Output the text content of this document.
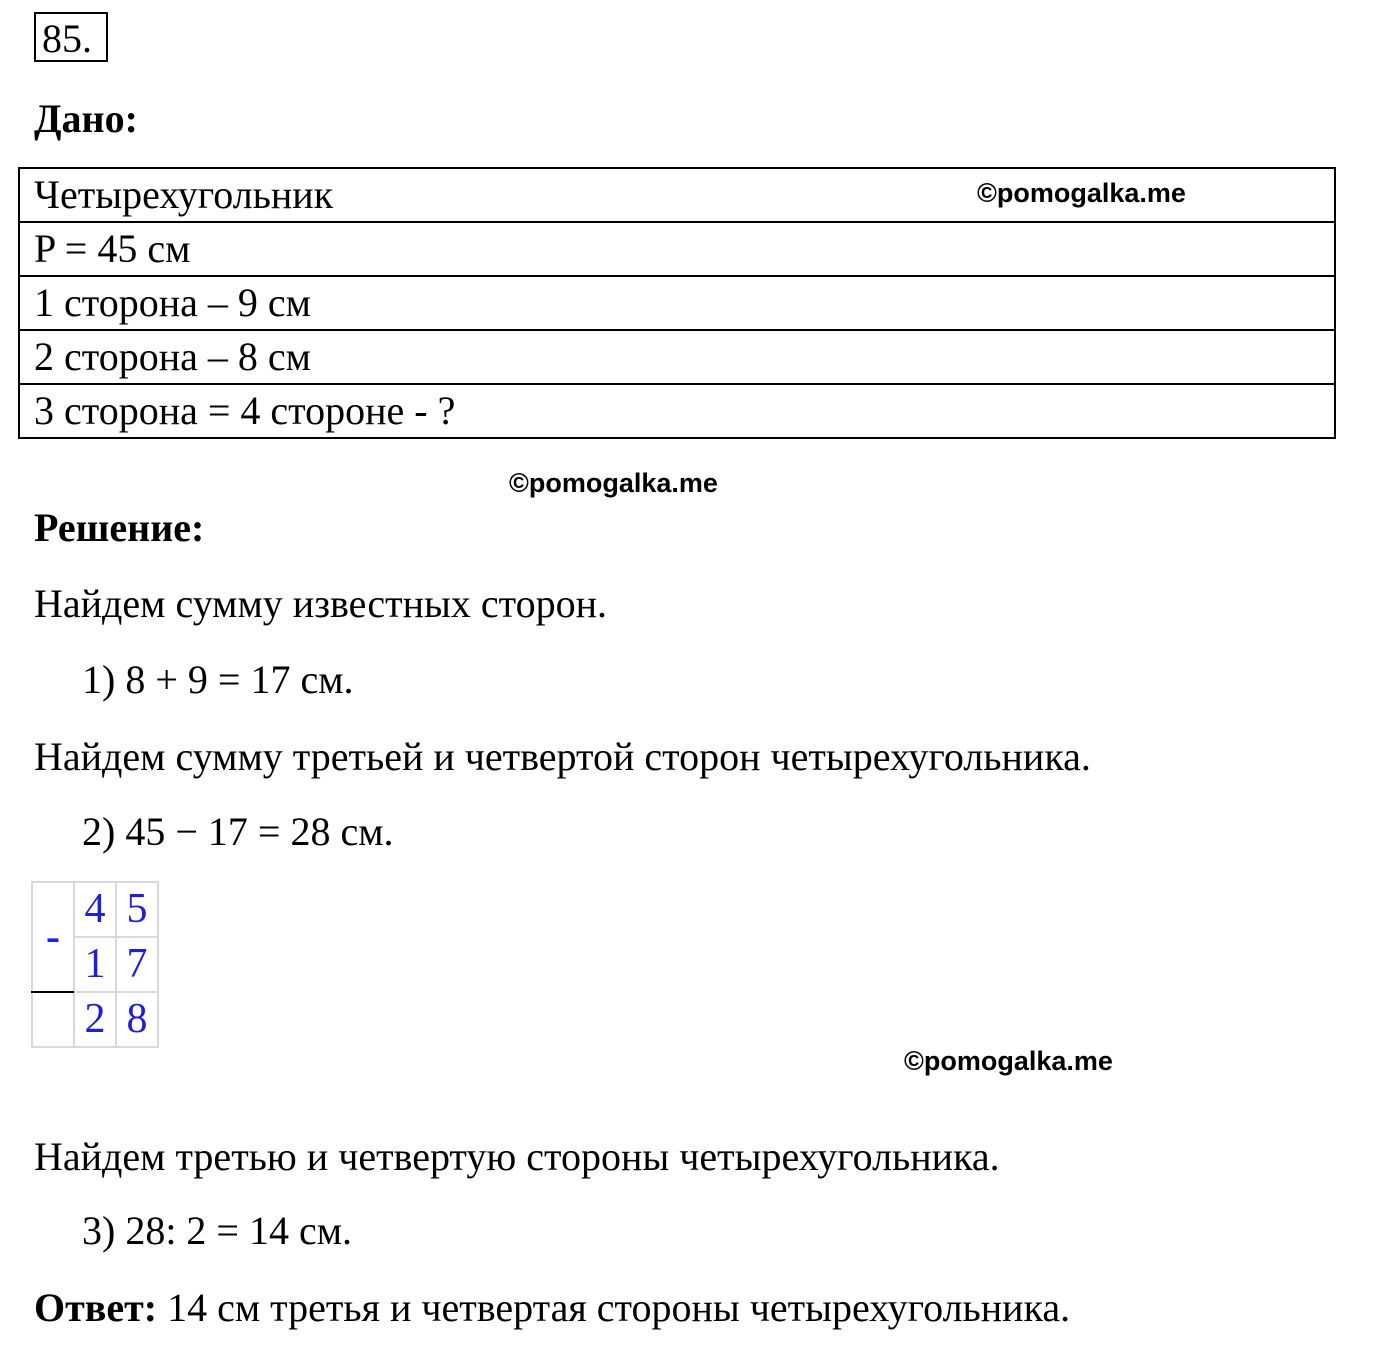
85.
Дано:
Четырехугольник
P = 45 см
1 сторона – 9 см
2 сторона – 8 см
3 сторона = 4 стороне - ?
©pomogalka.me
©pomogalka.me
Решение:
Найдем сумму известных сторон.
1) 8 + 9 = 17 см.
Найдем сумму третьей и четвертой сторон четырехугольника.
2) 45 − 17 = 28 см.
-	4	5
	1	7
	2	8
©pomogalka.me
Найдем третью и четвертую стороны четырехугольника.
3) 28: 2 = 14 см.
Ответ: 14 см третья и четвертая стороны четырехугольника.
